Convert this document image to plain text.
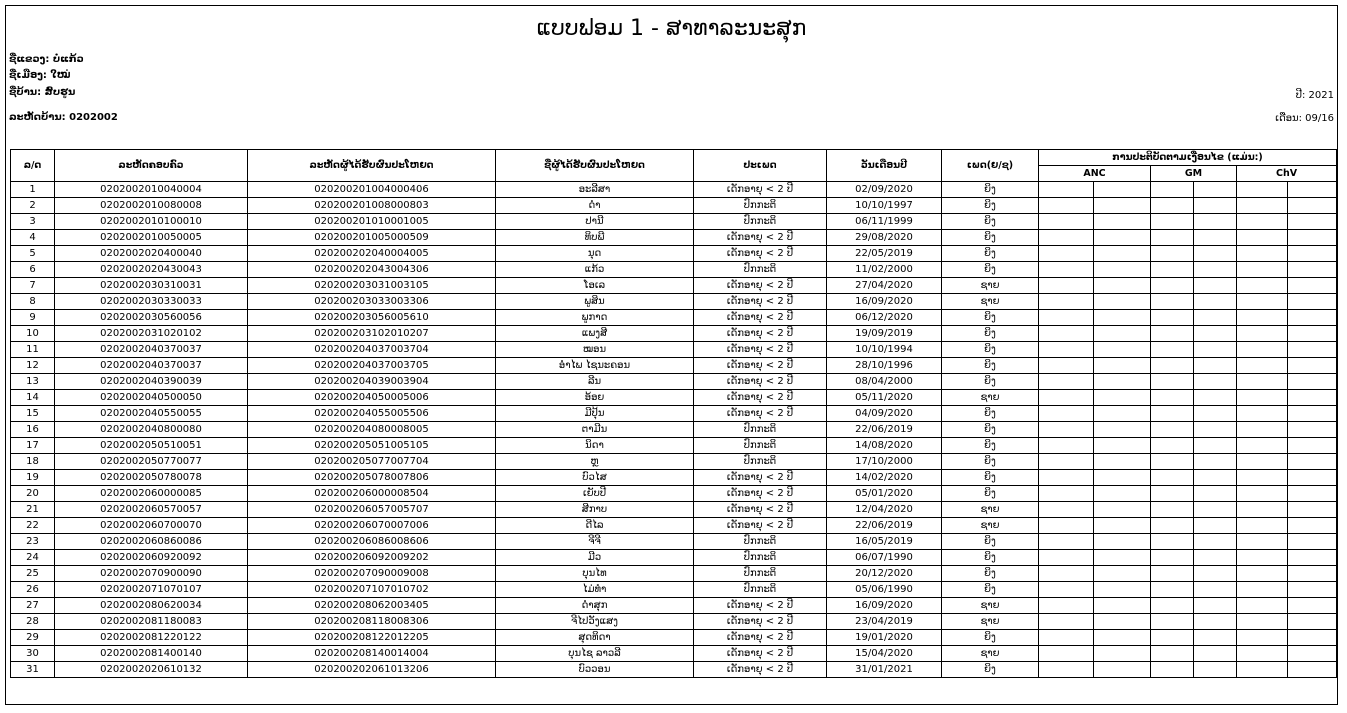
ແບບຟອມ 1 - ສາທາລະນະສຸກ
ຊື່ແຂວງ: ບໍ່ແກ້ວ
ຊື່ເມືອງ: ໃໝ່
ຊື່ບ້ານ: ສົບຮູນ
ລະຫັດບ້ານ: 0202002
ປີ: 2021
ເດືອນ: 09/16
ລ/ດ	ລະຫັດຄອບຄົວ	ລະຫັດຜູ້ໄດ້ຮັບຜົນປະໂຫຍດ	ຊື່ຜູ້ໄດ້ຮັບຜົນປະໂຫຍດ	ປະເພດ	ວັນເດືອນປີ	ເພດ(ຍ/ຊ)	ການປະຕິບັດຕາມເງື່ອນໄຂ (ແມ່ນ:)					
							ANC		GM		ChV	
1	0202002010040004	0202002010040004​06	ອະລີສາ	ເດັກອາຍຸ < 2 ປີ	02/09/2020	ຍິງ						
2	0202002010080008	020200201008000803	ດໍາ	ປົກກະຕິ	10/10/1997	ຍິງ						
3	0202002010100010	020200201010001005	ປານີ	ປົກກະຕິ	06/11/1999	ຍິງ						
4	0202002010050005	020200201005000509	ທິບພີ	ເດັກອາຍຸ < 2 ປີ	29/08/2020	ຍິງ						
5	0202002020400040	020200202040004005	ນຸດ	ເດັກອາຍຸ < 2 ປີ	22/05/2019	ຍິງ						
6	0202002020430043	020200202043004306	ແກ້ວ	ປົກກະຕິ	11/02/2000	ຍິງ						
7	0202002030310031	020200203031003105	ໂອເລ	ເດັກອາຍຸ < 2 ປີ	27/04/2020	ຊາຍ						
8	0202002030330033	020200203033003306	ພູສິນ	ເດັກອາຍຸ < 2 ປີ	16/09/2020	ຊາຍ						
9	0202002030560056	020200203056005610	ພູກາດ	ເດັກອາຍຸ < 2 ປີ	06/12/2020	ຍິງ						
10	0202002031020102	020200203102010207	ແພງສີ	ເດັກອາຍຸ < 2 ປີ	19/09/2019	ຍິງ						
11	0202002040370037	020200204037003704	ໝອນ	ເດັກອາຍຸ < 2 ປີ	10/10/1994	ຍິງ						
12	0202002040370037	020200204037003705	ອໍາໄພ ໄຊນະຄອນ	ເດັກອາຍຸ < 2 ປີ	28/10/1996	ຍິງ						
13	0202002040390039	020200204039003904	ລີນ	ເດັກອາຍຸ < 2 ປີ	08/04/2000	ຍິງ						
14	0202002040500050	020200204050005006	ອ້ອຍ	ເດັກອາຍຸ < 2 ປີ	05/11/2020	ຊາຍ						
15	0202002040550055	020200204055005506	ມີປຸ້ນ	ເດັກອາຍຸ < 2 ປີ	04/09/2020	ຍິງ						
16	0202002040800080	020200204080008005	ຕາມີນ	ປົກກະຕິ	22/06/2019	ຍິງ						
17	0202002050510051	020200205051005105	ນິດາ	ປົກກະຕິ	14/08/2020	ຍິງ						
18	0202002050770077	020200205077007704	ຫຼ	ປົກກະຕິ	17/10/2000	ຍິງ						
19	0202002050780078	020200205078007806	ບົວໄສ	ເດັກອາຍຸ < 2 ປີ	14/02/2020	ຍິງ						
20	0202002060000085	020200206000008504	ເຍັບປີ	ເດັກອາຍຸ < 2 ປີ	05/01/2020	ຍິງ						
21	0202002060570057	020200206057005707	ສີກາບ	ເດັກອາຍຸ < 2 ປີ	12/04/2020	ຊາຍ						
22	0202002060700070	020200206070007006	ດີໄລ	ເດັກອາຍຸ < 2 ປີ	22/06/2019	ຊາຍ						
23	0202002060860086	020200206086008606	ຈີຈີ	ປົກກະຕິ	16/05/2019	ຍິງ						
24	0202002060920092	020200206092009202	ມີວ	ປົກກະຕິ	06/07/1990	ຍິງ						
25	0202002070900090	020200207090009008	ບຸນໄທ	ປົກກະຕິ	20/12/2020	ຍິງ						
26	0202002071070107	020200207107010702	ໄມ່ທໍາ	ປົກກະຕິ	05/06/1990	ຍິງ						
27	0202002080620034	020200208062003405	ດໍາສຸກ	ເດັກອາຍຸ < 2 ປີ	16/09/2020	ຊາຍ						
28	0202002081180083	020200208118008306	ຈີໄປວັງແສງ	ເດັກອາຍຸ < 2 ປີ	23/04/2019	ຊາຍ						
29	0202002081220122	020200208122012205	ສຸດທິດາ	ເດັກອາຍຸ < 2 ປີ	19/01/2020	ຍິງ						
30	0202002081400140	020200208140014004	ບຸນໄຊ ລາວລີ	ເດັກອາຍຸ < 2 ປີ	15/04/2020	ຊາຍ						
31	0202002020610132	020200202061013206	ບົວວອນ	ເດັກອາຍຸ < 2 ປີ	31/01/2021	ຍິງ						
